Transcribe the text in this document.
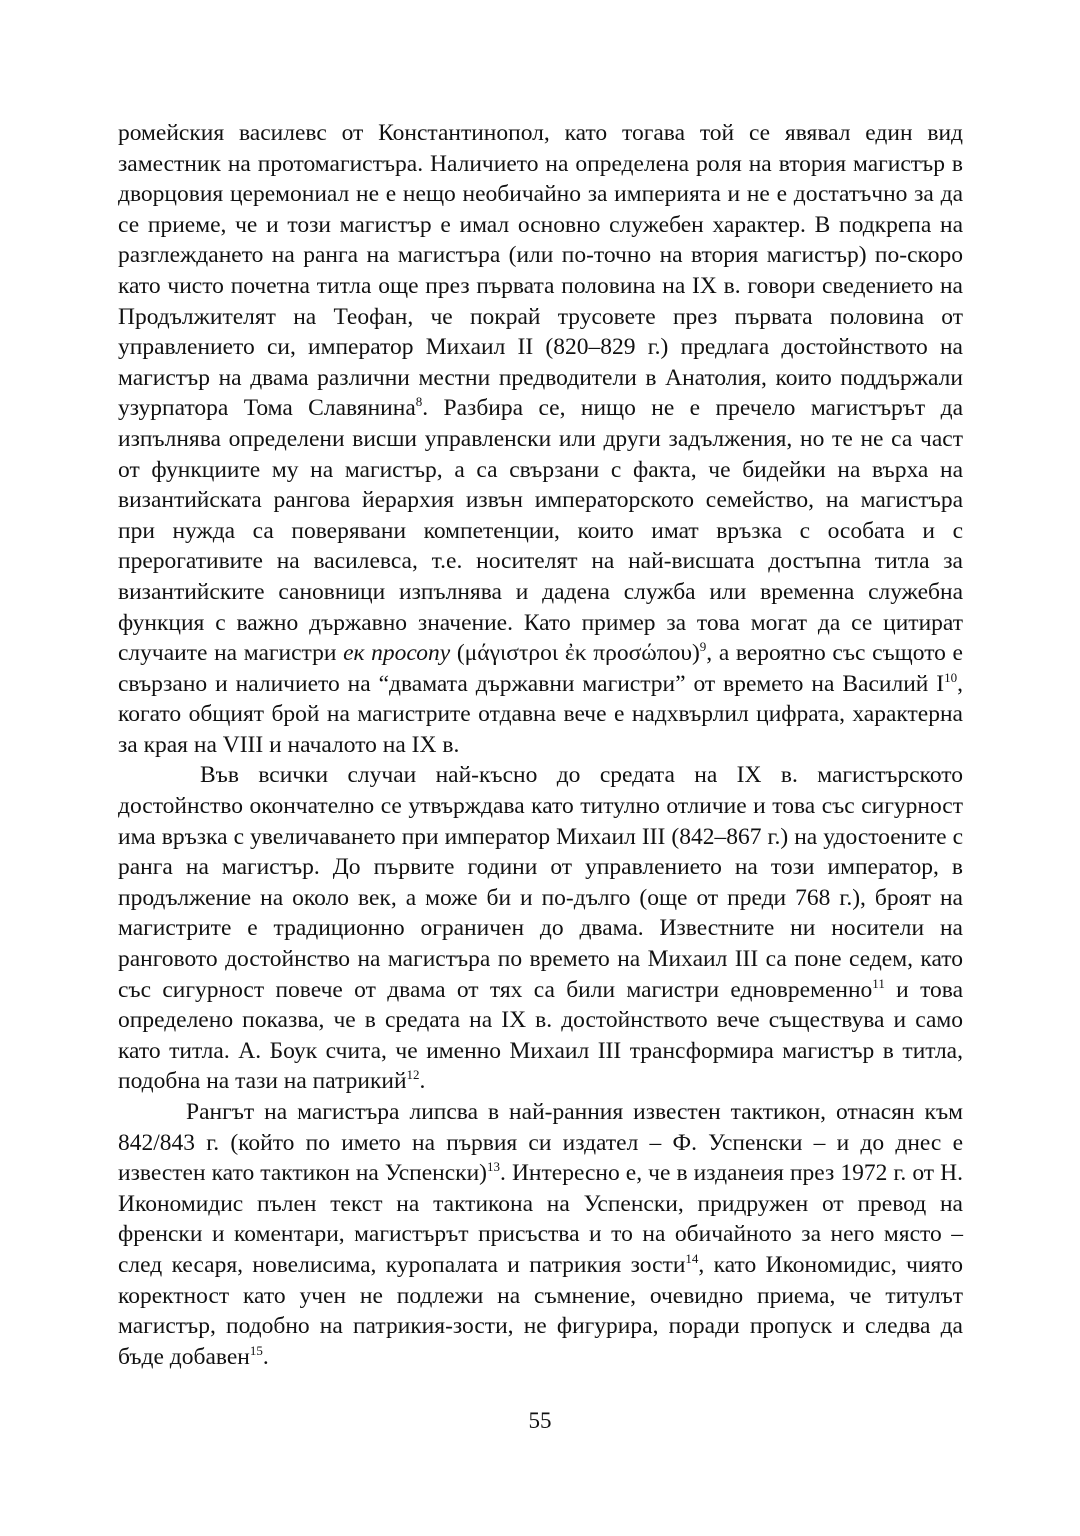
ромейския василевс от Константинопол, като тогава той се явявал един вид заместник на протомагистъра. Наличието на определена роля на втория магистър в дворцовия церемониал не е нещо необичайно за империята и не е достатъчно за да се приеме, че и този магистър е имал основно служебен характер. В подкрепа на разглеждането на ранга на магистъра (или по-точно на втория магистър) по-скоро като чисто почетна титла още през първата половина на IX в. говори сведението на Продължителят на Теофан, че покрай трусовете през първата половина от управлението си, император Михаил II (820–829 г.) предлага достойнството на магистър на двама различни местни предводители в Анатолия, които поддържали узурпатора Тома Славянина$^8$. Разбира се, нищо не е пречело магистърът да изпълнява определени висши управленски или други задължения, но те не са част от функциите му на магистър, а са свързани с факта, че бидейки на върха на византийската рангова йерархия извън императорското семейство, на магистъра при нужда са поверявани компетенции, които имат връзка с особата и с прерогативите на василевса, т.е. носителят на най-висшата достъпна титла за византийските сановници изпълнява и дадена служба или временна служебна функция с важно държавно значение. Като пример за това могат да се цитират случаите на магистри ек просопу (μάγιστροι ἐκ προσώπου)$^9$, а вероятно със същото е свързано и наличието на “двамата държавни магистри” от времето на Василий $I^{10}$, когато общият брой на магистрите отдавна вече е надхвърлил цифрата, характерна за края на VIII и началото на IX в.

Във всички случаи най-късно до средата на IX в. магистърското достойнство окончателно се утвърждава като титулно отличие и това със сигурност има връзка с увеличаването при император Михаил III (842–867 г.) на удостоените с ранга на магистър. До първите години от управлението на този император, в продължение на около век, а може би и по-дълго (още от преди 768 г.), броят на магистрите е традиционно ограничен до двама. Известните ни носители на ранговото достойнство на магистъра по времето на Михаил III са поне седем, като със сигурност повече от двама от тях са били магистри едновременно$^{11}$ и това определено показва, че в средата на IX в. достойнството вече съществува и само като титла. А. Боук счита, че именно Михаил III трансформира магистър в титла, подобна на тази на патрикий$^{12}$.

Рангът на магистъра липсва в най-ранния известен тактикон, отнасян към 842/843 г. (който по името на първия си издател – Ф. Успенски – и до днес е известен като тактикон на Успенски)$^{13}$. Интересно е, че в изданеия през 1972 г. от Н. Икономидис пълен текст на тактикона на Успенски, придружен от превод на френски и коментари, магистърът присъства и то на обичайното за него място – след кесаря, новелисима, куропалата и патрикия зости$^{14}$, като Икономидис, чиято коректност като учен не подлежи на съмнение, очевидно приема, че титулът магистър, подобно на патрикия-зости, не фигурира, поради пропуск и следва да бъде добавен$^{15}$.

55
